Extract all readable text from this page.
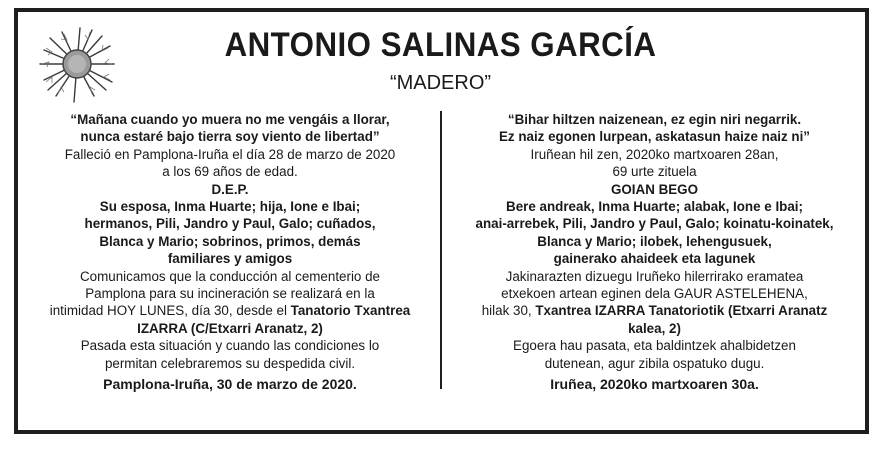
ANTONIO SALINAS GARCÍA
“MADERO”

“Mañana cuando yo muera no me vengáis a llorar,

nunca estaré bajo tierra soy viento de libertad”

Falleció en Pamplona-Iruña el día 28 de marzo de 2020

a los 69 años de edad.

D.E.P.

Su esposa, Inma Huarte; hija, Ione e Ibai;

hermanos, Pili, Jandro y Paul, Galo; cuñados,

Blanca y Mario; sobrinos, primos, demás

familiares y amigos

Comunicamos que la conducción al cementerio de

Pamplona para su incineración se realizará en la

intimidad HOY LUNES, día 30, desde el Tanatorio Txantrea

IZARRA (C/Etxarri Aranatz, 2)

Pasada esta situación y cuando las condiciones lo

permitan celebraremos su despedida civil.

Pamplona-Iruña, 30 de marzo de 2020.

“Bihar hiltzen naizenean, ez egin niri negarrik.

Ez naiz egonen lurpean, askatasun haize naiz ni”

Iruñean hil zen, 2020ko martxoaren 28an,

69 urte zituela

GOIAN BEGO

Bere andreak, Inma Huarte; alabak, Ione e Ibai;

anai-arrebek, Pili, Jandro y Paul, Galo; koinatu-koinatek,

Blanca y Mario; ilobek, lehengusuek,

gainerako ahaideek eta lagunek

Jakinarazten dizuegu Iruñeko hilerrirako eramatea

etxekoen artean eginen dela GAUR ASTELEHENA,

hilak 30, Txantrea IZARRA Tanatoriotik (Etxarri Aranatz

kalea, 2)

Egoera hau pasata, eta baldintzek ahalbidetzen

dutenean, agur zibila ospatuko dugu.

Iruñea, 2020ko martxoaren 30a.
